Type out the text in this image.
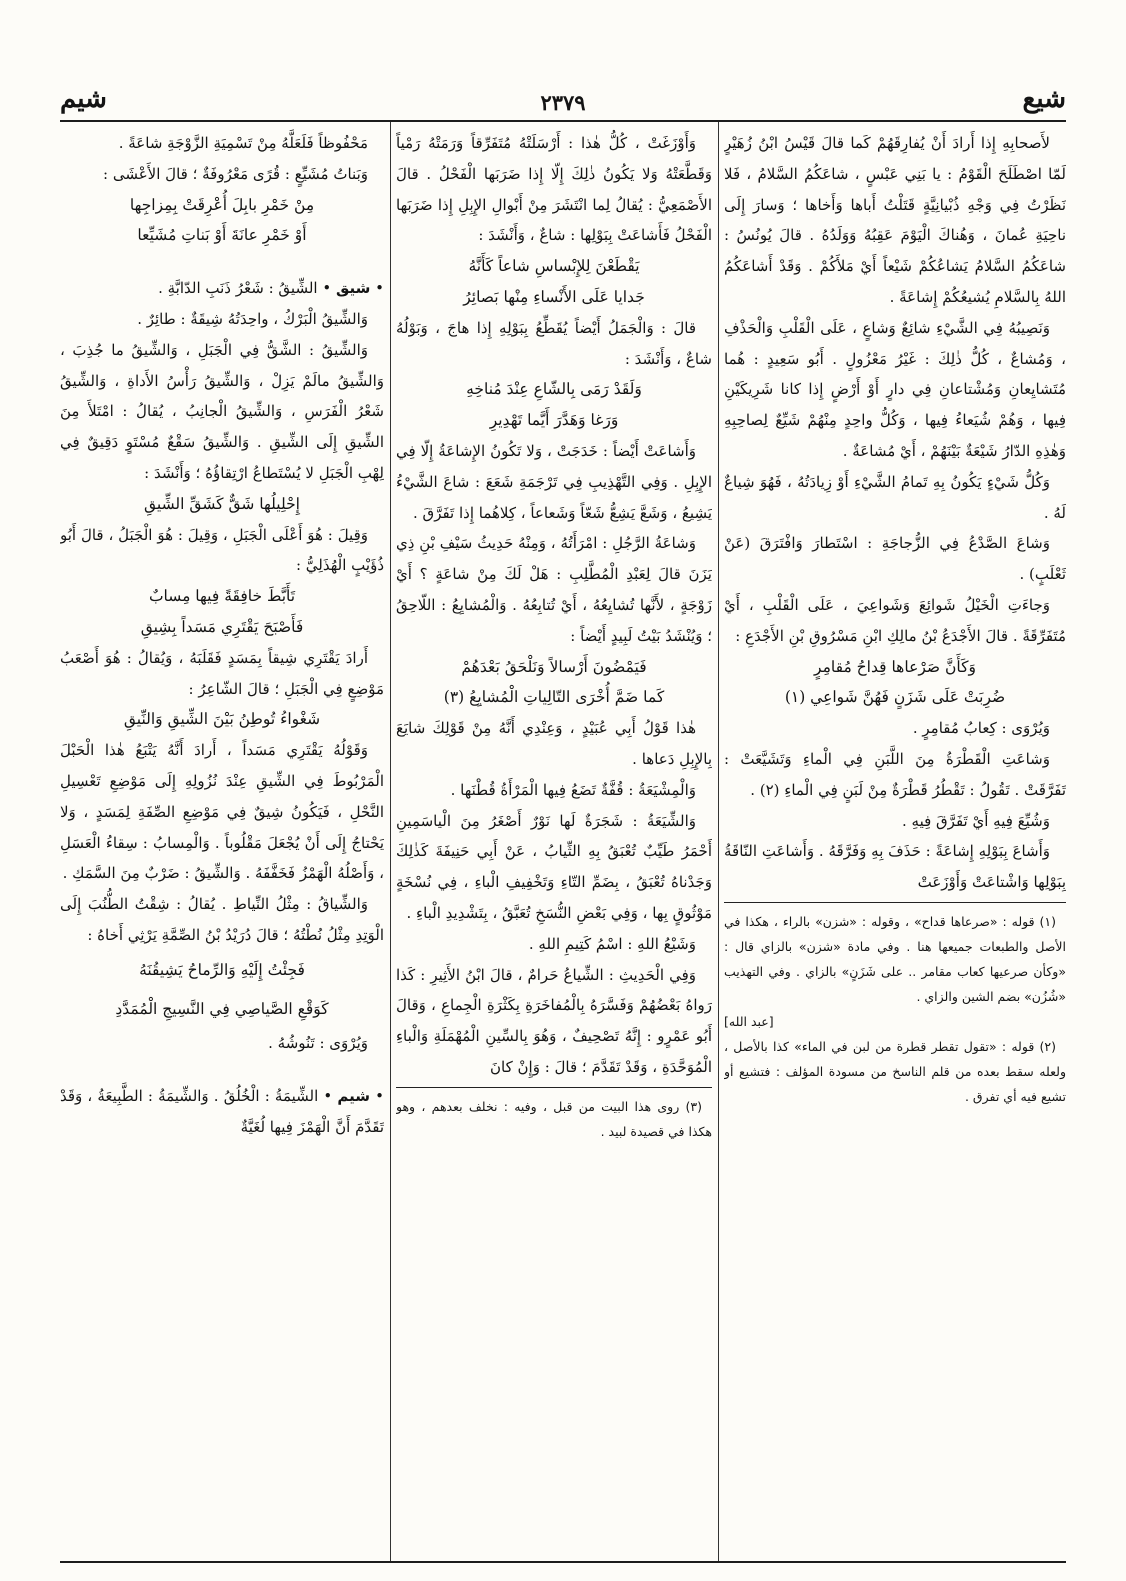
شيع
٢٣٧٩
شيم

لأَصحابِهِ إِذا أَرادَ أَنْ يُفارِقَهُمْ كَما قالَ قَيْسُ ابْنُ زُهَيْرٍ لَمّا اصْطَلَحَ الْقَوْمُ : يا بَنِي عَبْسٍ ، شاعَكُمُ السَّلامُ ، فَلا نَظَرْتُ فِي وَجْهِ ذُبْيانِيَّةٍ قَتَلْتُ أَباها وَأَخاها ؛ وَسارَ إِلَى ناحِيَةِ عُمانَ ، وَهُناكَ الْيَوْمَ عَقِبُهُ وَوَلَدُهُ . قالَ يُونُسُ : شاعَكُمُ السَّلامُ يَشاعُكُمْ شَيْعاً أَيْ مَلأَكُمْ . وَقَدْ أَشاعَكُمُ اللهُ بِالسَّلامِ يُشيعُكُمْ إِشاعَةً .

وَنَصِيبُهُ فِي الشَّيْءِ شائِعٌ وَشاعٍ ، عَلَى الْقَلْبِ وَالْحَذْفِ ، وَمُشاعٌ ، كُلُّ ذٰلِكَ : غَيْرُ مَعْزُولٍ . أَبُو سَعِيدٍ : هُما مُتَشايِعانِ وَمُشْتاعانِ فِي دارٍ أَوْ أَرْضٍ إِذا كانا شَرِيكَيْنِ فِيها ، وَهُمْ شُيَعاءُ فِيها ، وَكُلُّ واحِدٍ مِنْهُمْ شَيِّعٌ لِصاحِبِهِ وَهٰذِهِ الدّارُ شَيْعَةٌ بَيْنَهُمْ ، أَيْ مُشاعَةٌ .

وَكُلُّ شَيْءٍ يَكُونُ بِهِ تَمامُ الشَّيْءِ أَوْ زِيادَتُهُ ، فَهُوَ شِياعٌ لَهُ .

وَشاعَ الصَّدْعُ فِي الزُّجاجَةِ : اسْتَطارَ وَافْتَرَقَ (عَنْ ثَعْلَبٍ) .

وَجاءَتِ الْخَيْلُ شَوائِعَ وَشَواعِيَ ، عَلَى الْقَلْبِ ، أَيْ مُتَفَرِّقَةً . قالَ الأَجْدَعُ بْنُ مالِكِ ابْنِ مَسْرُوقِ بْنِ الأَجْدَعِ :

وَكَأَنَّ صَرْعاها قِداحُ مُقامِرٍ

ضُرِبَتْ عَلَى شَزَنٍ فَهُنَّ شَواعِي (١)

وَيُرْوَى : كِعابُ مُقامِرٍ .

وَشاعَتِ الْقَطْرَةُ مِنَ اللَّبَنِ فِي الْماءِ وَتَشَيَّعَتْ : تَفَرَّقَتْ . تَقُولُ : تَقْطُرُ قَطْرَةٌ مِنْ لَبَنٍ فِي الْماءِ (٢) .

وَشُيِّعَ فِيهِ أَيْ تَفَرَّقَ فِيهِ .

وَأَشاعَ بِبَوْلِهِ إِشاعَةً : حَذَفَ بِهِ وَفَرَّقَهُ . وَأَشاعَتِ النّاقَةُ بِبَوْلِها وَاشْتاعَتْ وَأَوْزَعَتْ

(١) قوله : «صرعاها قداح» ، وقوله : «شزن» بالراء ، هكذا في الأصل والطبعات جميعها هنا . وفي مادة «شزن» بالزاي قال : «وكأن صرعيها كعاب مقامر .. على شَزَنٍ» بالزاي . وفي التهذيب «شُزُن» بضم الشين والزاي .

[عبد الله]

(٢) قوله : «تقول تقطر قطرة من لبن في الماء» كذا بالأصل ، ولعله سقط بعده من قلم الناسخ من مسودة المؤلف : فتشيع أو تشيع فيه أي تفرق .

وَأَوْزَغَتْ ، كُلُّ هٰذا : أَرْسَلَتْهُ مُتَفَرِّقاً وَرَمَتْهُ رَمْياً وَقَطَّعَتْهُ وَلا يَكُونُ ذٰلِكَ إِلّا إِذا ضَرَبَها الْفَحْلُ . قالَ الأَصْمَعِيُّ : يُقالُ لِما انْتَشَرَ مِنْ أَبْوالِ الإِبِلِ إِذا ضَرَبَها الْفَحْلُ فَأَشاعَتْ بِبَوْلِها : شاعٌ ، وَأَنْشَدَ :

يَقْطَعْنَ لِلإِبْساسِ شاعاً كَأَنَّهُ

جَدايا عَلَى الأَنْساءِ مِنْها بَصائِرُ

قالَ : وَالْجَمَلُ أَيْضاً يُقَطِّعُ بِبَوْلِهِ إِذا هاجَ ، وَبَوْلُهُ شاعٌ ، وَأَنْشَدَ :

وَلَقَدْ رَمَى بِالشّاعِ عِنْدَ مُناخِهِ

وَرَغا وَهَدَّرَ أَيَّما تَهْدِيرِ

وَأَشاعَتْ أَيْضاً : خَدَجَتْ ، وَلا تَكُونُ الإِشاعَةُ إِلّا فِي الإِبِلِ . وَفِي التَّهْذِيبِ فِي تَرْجَمَةِ شَعَعَ : شاعَ الشَّيْءُ يَشِيعُ ، وَشَعَّ يَشِعُّ شَعّاً وَشَعاعاً ، كِلاهُما إِذا تَفَرَّقَ .

وَشاعَةُ الرَّجُلِ : امْرَأَتُهُ ، وَمِنْهُ حَدِيثُ سَيْفِ بْنِ ذِي يَزَنَ قالَ لِعَبْدِ الْمُطَّلِبِ : هَلْ لَكَ مِنْ شاعَةٍ ؟ أَيْ زَوْجَةٍ ، لأَنَّها تُشايِعُهُ ، أَيْ تُتابِعُهُ . وَالْمُشايِعُ : اللّاحِقُ ؛ وَيُنْشَدُ بَيْتُ لَبِيدٍ أَيْضاً :

فَيَمْضُونَ أَرْسالاً وَنَلْحَقُ بَعْدَهُمْ

كَما ضَمَّ أُخْرَى التّالِياتِ الْمُشايِعُ (٣)

هٰذا قَوْلُ أَبِي عُبَيْدٍ ، وَعِنْدِي أَنَّهُ مِنْ قَوْلِكَ شايَعَ بِالإِبِلِ دَعاها .

وَالْمِشْيَعَةُ : قُفَّةٌ تَضَعُ فِيها الْمَرْأَةُ قُطْنَها .

وَالشِّيَعَةُ : شَجَرَةٌ لَها نَوْرٌ أَصْغَرُ مِنَ الْياسَمِينِ أَحْمَرُ طَيِّبٌ تُعْبَقُ بِهِ الثِّيابُ ، عَنْ أَبِي حَنِيفَةَ كَذٰلِكَ وَجَدْناهُ تُعْبَقُ ، بِضَمِّ التّاءِ وَتَخْفِيفِ الْباءِ ، فِي نُسْخَةٍ مَوْثُوقٍ بِها ، وَفِي بَعْضِ النُّسَخِ تُعَبَّقُ ، بِتَشْدِيدِ الْباءِ .

وَشَيْعُ اللهِ : اسْمُ كَتِيمِ اللهِ .

وَفِي الْحَدِيثِ : الشِّياعُ حَرامٌ ، قالَ ابْنُ الأَثِيرِ : كَذا رَواهُ بَعْضُهُمْ وَفَسَّرَهُ بِالْمُفاخَرَةِ بِكَثْرَةِ الْجِماعِ ، وَقالَ أَبُو عَمْرٍو : إِنَّهُ تَصْحِيفٌ ، وَهُوَ بِالسِّينِ الْمُهْمَلَةِ وَالْباءِ الْمُوَحَّدَةِ ، وَقَدْ تَقَدَّمَ ؛ قالَ : وَإِنْ كانَ

(٣) روى هذا البيت من قبل ، وفيه : نخلف بعدهم ، وهو هكذا في قصيدة لبيد .

مَحْفُوظاً فَلَعَلَّهُ مِنْ تَسْمِيَةِ الزَّوْجَةِ شاعَةً .

وَبَناتُ مُشَيِّعٍ : قُرًى مَعْرُوفَةٌ ؛ قالَ الأَعْشَى :

مِنْ خَمْرِ بابِلَ أُعْرِقَتْ بِمِزاجِها

أَوْ خَمْرِ عانَةَ أَوْ بَناتِ مُشَيِّعا

• شيق • الشِّيقُ : شَعْرُ ذَنَبِ الدّابَّةِ .

وَالشِّيقُ الْبَرْكُ ، واحِدَتُهُ شِيقَةٌ : طائِرٌ .

وَالشِّيقُ : الشَّقُّ فِي الْجَبَلِ ، وَالشِّيقُ ما جُذِبَ ، وَالشِّيقُ مالَمْ يَزِلْ ، وَالشِّيقُ رَأْسُ الأَداةِ ، وَالشِّيقُ شَعْرُ الْفَرَسِ ، وَالشِّيقُ الْجانِبُ ، يُقالُ : امْتَلأَ مِنَ الشِّيقِ إِلَى الشِّيقِ . وَالشِّيقُ سَقْعٌ مُسْتَوٍ دَقِيقٌ فِي لِهْبِ الْجَبَلِ لا يُسْتَطاعُ ارْتِقاؤُهُ ؛ وَأَنْشَدَ :

إِحْلِيلُها شَقٌّ كَشَقِّ الشِّيقِ

وَقِيلَ : هُوَ أَعْلَى الْجَبَلِ ، وَقِيلَ : هُوَ الْجَبَلُ ، قالَ أَبُو ذُؤَيْبٍ الْهُذَلِيُّ :

تَأَبَّطَ خافِقَةً فِيها مِسابٌ

فَأَصْبَحَ يَقْتَرِي مَسَداً بِشِيقِ

أَرادَ يَقْتَرِي شِيقاً بِمَسَدٍ فَقَلَبَهُ ، وَيُقالُ : هُوَ أَصْعَبُ مَوْضِعٍ فِي الْجَبَلِ ؛ قالَ الشّاعِرُ :

شَغْواءُ تُوطِنُ بَيْنَ الشِّيقِ وَالنِّيقِ

وَقَوْلُهُ يَقْتَرِي مَسَداً ، أَرادَ أَنَّهُ يَتْبَعُ هٰذا الْحَبْلَ الْمَرْبُوطَ فِي الشِّيقِ عِنْدَ نُزُولِهِ إِلَى مَوْضِعِ تَعْسِيلِ النَّحْلِ ، فَيَكُونُ شِيقٌ فِي مَوْضِعِ الصِّفَةِ لِمَسَدٍ ، وَلا يَحْتاجُ إِلَى أَنْ يُجْعَلَ مَقْلُوباً . وَالْمِسابُ : سِقاءُ الْعَسَلِ ، وَأَصْلُهُ الْهَمْزُ فَخَفَّفَهُ . وَالشِّيقُ : ضَرْبٌ مِنَ السَّمَكِ .

وَالشِّياقُ : مِثْلُ النِّياطِ . يُقالُ : شِقْتُ الطُّنُبَ إِلَى الْوَتِدِ مِثْلُ نُطْتُهُ ؛ قالَ دُرَيْدُ بْنُ الصِّمَّةِ يَرْثِي أَخاهُ :

فَجِئْتُ إِلَيْهِ وَالرِّماحُ يَشِيقُنَهُ

كَوَقْعِ الصَّياصِي فِي النَّسِيجِ الْمُمَدَّدِ

وَيُرْوَى : تَنُوشُهُ .

• شيم • الشِّيمَةُ : الْخُلُقُ . وَالشِّيمَةُ : الطَّبِيعَةُ ، وَقَدْ تَقَدَّمَ أَنَّ الْهَمْزَ فِيها لُغَيَّةٌ
